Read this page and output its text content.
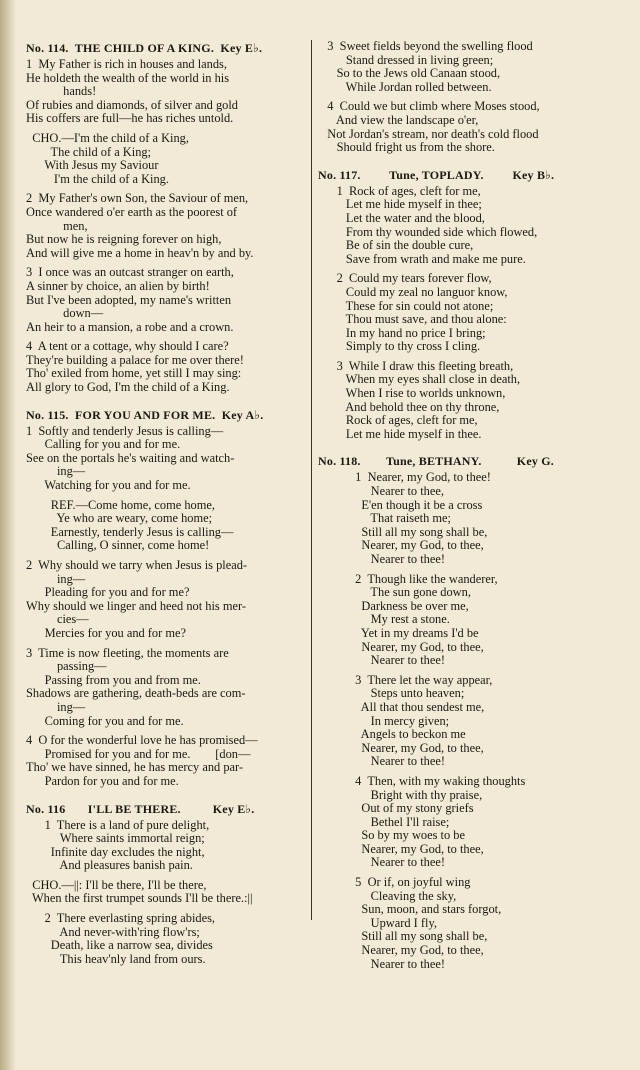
No. 114.  THE CHILD OF A KING.  Key E♭.
1  My Father is rich in houses and lands,
He holdeth the wealth of the world in his
hands!
Of rubies and diamonds, of silver and gold
His coffers are full—he has riches untold.
CHO.—I'm the child of a King,
The child of a King;
With Jesus my Saviour
I'm the child of a King.
2  My Father's own Son, the Saviour of men,
Once wandered o'er earth as the poorest of
men,
But now he is reigning forever on high,
And will give me a home in heav'n by and by.
3  I once was an outcast stranger on earth,
A sinner by choice, an alien by birth!
But I've been adopted, my name's written
down—
An heir to a mansion, a robe and a crown.
4  A tent or a cottage, why should I care?
They're building a palace for me over there!
Tho' exiled from home, yet still I may sing:
All glory to God, I'm the child of a King.
No. 115.  FOR YOU AND FOR ME.  Key A♭.
1  Softly and tenderly Jesus is calling—
Calling for you and for me.
See on the portals he's waiting and watch-
ing—
Watching for you and for me.
REF.—Come home, come home,
Ye who are weary, come home;
Earnestly, tenderly Jesus is calling—
Calling, O sinner, come home!
2  Why should we tarry when Jesus is plead-
ing—
Pleading for you and for me?
Why should we linger and heed not his mer-
cies—
Mercies for you and for me?
3  Time is now fleeting, the moments are
passing—
Passing from you and from me.
Shadows are gathering, death-beds are com-
ing—
Coming for you and for me.
4  O for the wonderful love he has promised—
Promised for you and for me.        [don—
Tho' we have sinned, he has mercy and par-
Pardon for you and for me.
No. 116       I'LL BE THERE.          Key E♭.
1  There is a land of pure delight,
Where saints immortal reign;
Infinite day excludes the night,
And pleasures banish pain.
CHO.—||: I'll be there, I'll be there,
When the first trumpet sounds I'll be there.:||
2  There everlasting spring abides,
And never-with'ring flow'rs;
Death, like a narrow sea, divides
This heav'nly land from ours.
3  Sweet fields beyond the swelling flood
Stand dressed in living green;
So to the Jews old Canaan stood,
While Jordan rolled between.
4  Could we but climb where Moses stood,
And view the landscape o'er,
Not Jordan's stream, nor death's cold flood
Should fright us from the shore.
No. 117.         Tune, TOPLADY.         Key B♭.
1  Rock of ages, cleft for me,
Let me hide myself in thee;
Let the water and the blood,
From thy wounded side which flowed,
Be of sin the double cure,
Save from wrath and make me pure.
2  Could my tears forever flow,
Could my zeal no languor know,
These for sin could not atone;
Thou must save, and thou alone:
In my hand no price I bring;
Simply to thy cross I cling.
3  While I draw this fleeting breath,
When my eyes shall close in death,
When I rise to worlds unknown,
And behold thee on thy throne,
Rock of ages, cleft for me,
Let me hide myself in thee.
No. 118.        Tune, BETHANY.           Key G.
1  Nearer, my God, to thee!
Nearer to thee,
E'en though it be a cross
That raiseth me;
Still all my song shall be,
Nearer, my God, to thee,
Nearer to thee!
2  Though like the wanderer,
The sun gone down,
Darkness be over me,
My rest a stone.
Yet in my dreams I'd be
Nearer, my God, to thee,
Nearer to thee!
3  There let the way appear,
Steps unto heaven;
All that thou sendest me,
In mercy given;
Angels to beckon me
Nearer, my God, to thee,
Nearer to thee!
4  Then, with my waking thoughts
Bright with thy praise,
Out of my stony griefs
Bethel I'll raise;
So by my woes to be
Nearer, my God, to thee,
Nearer to thee!
5  Or if, on joyful wing
Cleaving the sky,
Sun, moon, and stars forgot,
Upward I fly,
Still all my song shall be,
Nearer, my God, to thee,
Nearer to thee!
